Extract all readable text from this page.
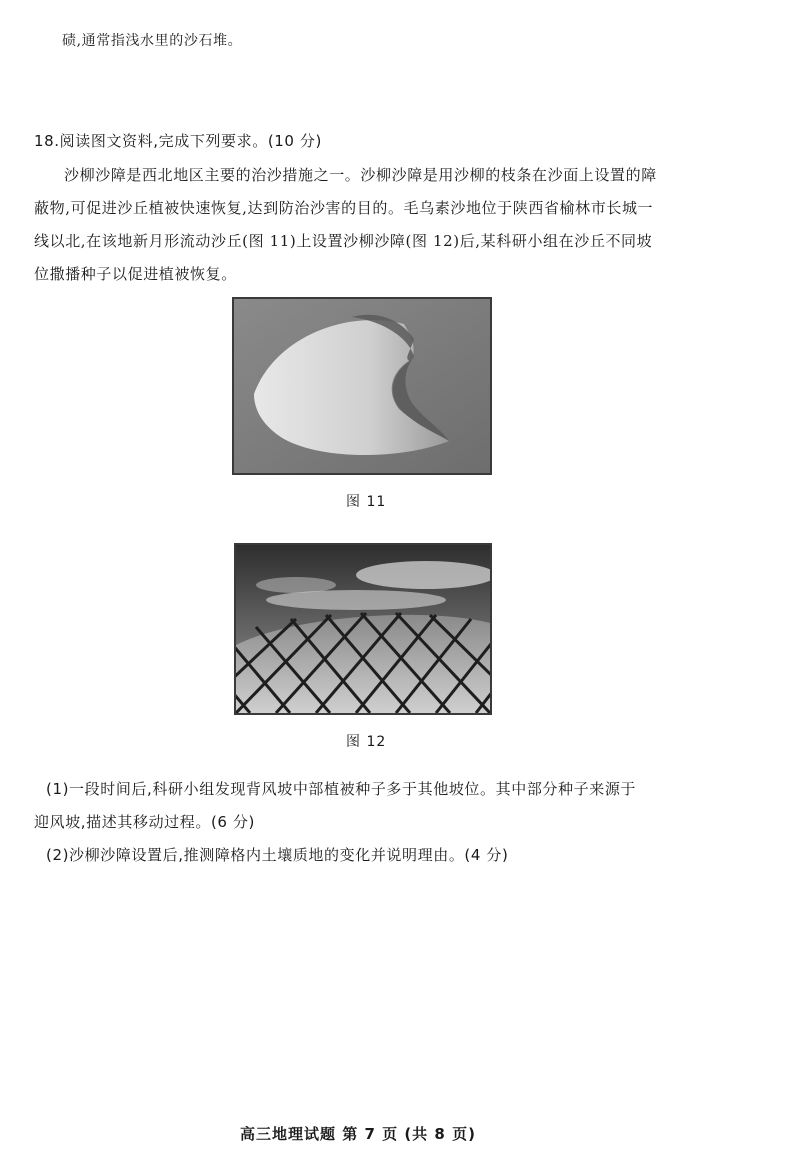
碛,通常指浅水里的沙石堆。
18.阅读图文资料,完成下列要求。(10 分)
沙柳沙障是西北地区主要的治沙措施之一。沙柳沙障是用沙柳的枝条在沙面上设置的障
蔽物,可促进沙丘植被快速恢复,达到防治沙害的目的。毛乌素沙地位于陕西省榆林市长城一
线以北,在该地新月形流动沙丘(图 11)上设置沙柳沙障(图 12)后,某科研小组在沙丘不同坡
位撒播种子以促进植被恢复。
图 11
图 12
(1)一段时间后,科研小组发现背风坡中部植被种子多于其他坡位。其中部分种子来源于
迎风坡,描述其移动过程。(6 分)
(2)沙柳沙障设置后,推测障格内土壤质地的变化并说明理由。(4 分)
高三地理试题 第 7 页 (共 8 页)
